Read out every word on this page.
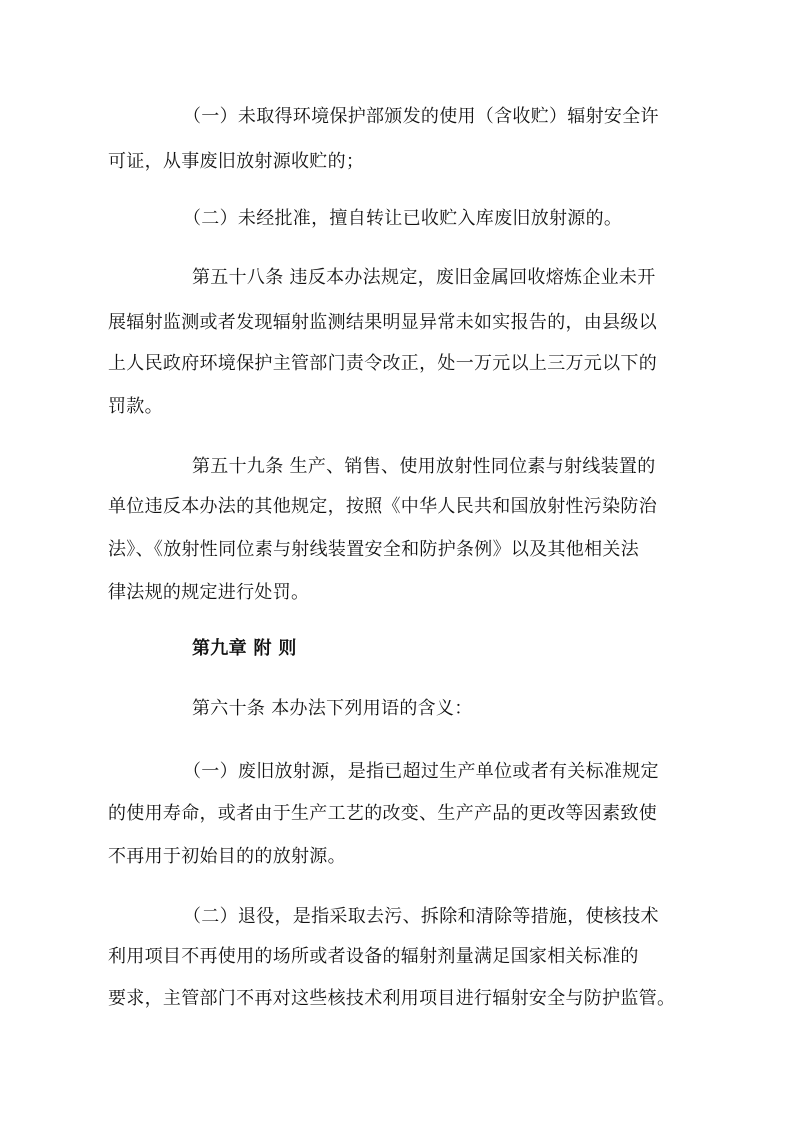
（一）未取得环境保护部颁发的使用（含收贮）辐射安全许
可证，从事废旧放射源收贮的；
（二）未经批准，擅自转让已收贮入库废旧放射源的。
第五十八条 违反本办法规定，废旧金属回收熔炼企业未开
展辐射监测或者发现辐射监测结果明显异常未如实报告的，由县级以
上人民政府环境保护主管部门责令改正，处一万元以上三万元以下的
罚款。
第五十九条 生产、销售、使用放射性同位素与射线装置的
单位违反本办法的其他规定，按照《中华人民共和国放射性污染防治
法》、《放射性同位素与射线装置安全和防护条例》以及其他相关法
律法规的规定进行处罚。
第九章 附 则
第六十条 本办法下列用语的含义：
（一）废旧放射源，是指已超过生产单位或者有关标准规定
的使用寿命，或者由于生产工艺的改变、生产产品的更改等因素致使
不再用于初始目的的放射源。
（二）退役，是指采取去污、拆除和清除等措施，使核技术
利用项目不再使用的场所或者设备的辐射剂量满足国家相关标准的
要求，主管部门不再对这些核技术利用项目进行辐射安全与防护监管。
